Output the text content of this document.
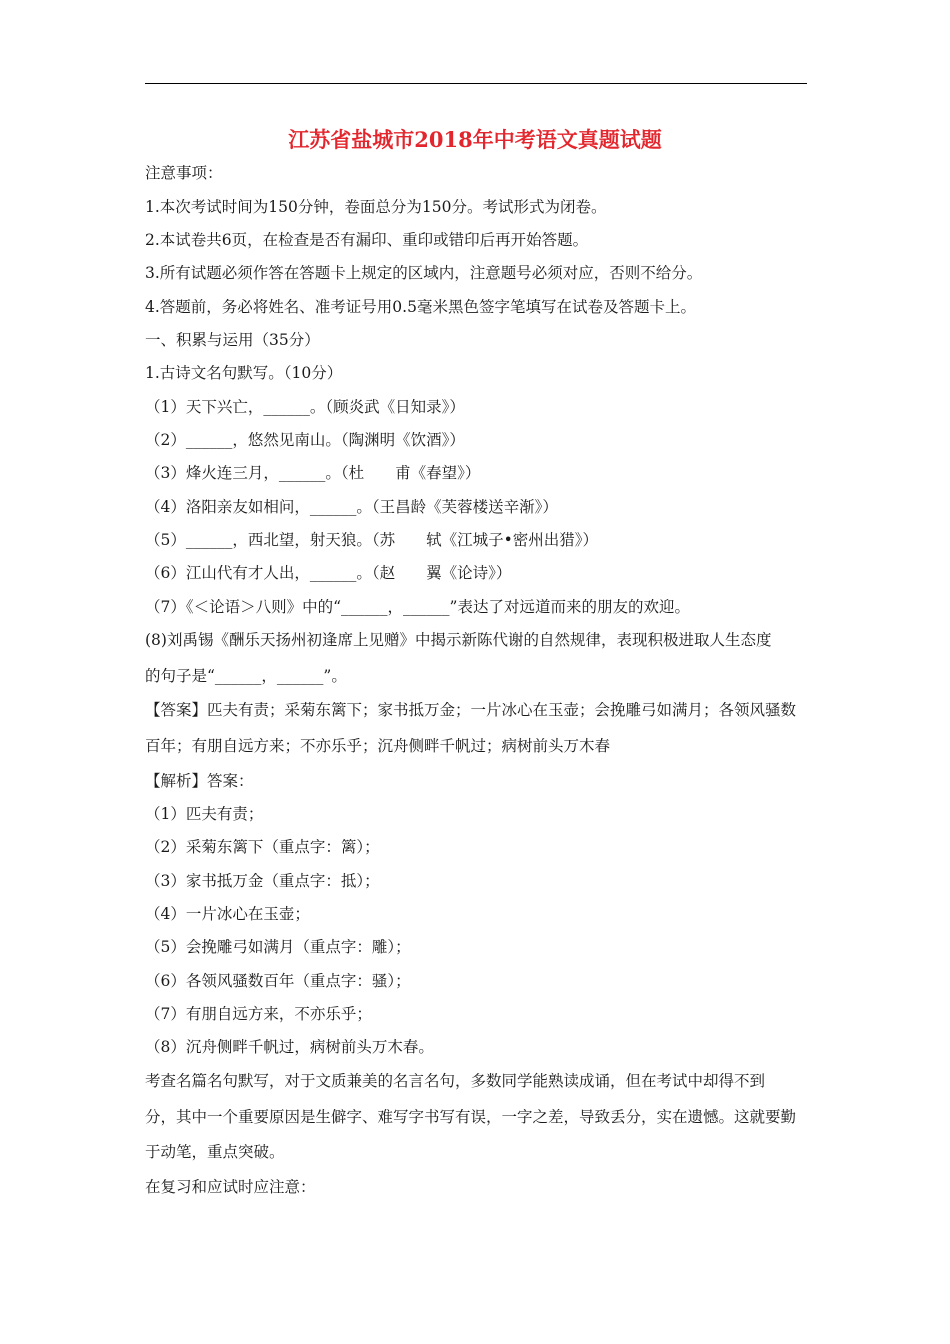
江苏省盐城市2018年中考语文真题试题
注意事项：
1.本次考试时间为150分钟，卷面总分为150分。考试形式为闭卷。
2.本试卷共6页，在检查是否有漏印、重印或错印后再开始答题。
3.所有试题必须作答在答题卡上规定的区域内，注意题号必须对应，否则不给分。
4.答题前，务必将姓名、准考证号用0.5毫米黑色签字笔填写在试卷及答题卡上。
一、积累与运用（35分）
1.古诗文名句默写。（10分）
（1）天下兴亡，______。（顾炎武《日知录》）
（2）______，悠然见南山。（陶渊明《饮酒》）
（3）烽火连三月，______。（杜　　甫《春望》）
（4）洛阳亲友如相问，______。（王昌龄《芙蓉楼送辛渐》）
（5）______，西北望，射天狼。（苏　　轼《江城子•密州出猎》）
（6）江山代有才人出，______。（赵　　翼《论诗》）
（7）《＜论语＞八则》中的“______，______”表达了对远道而来的朋友的欢迎。
(8)刘禹锡《酬乐天扬州初逢席上见赠》中揭示新陈代谢的自然规律，表现积极进取人生态度
的句子是“______，______”。
【答案】匹夫有责；采菊东篱下；家书抵万金；一片冰心在玉壶；会挽雕弓如满月；各领风骚数
百年；有朋自远方来；不亦乐乎；沉舟侧畔千帆过；病树前头万木春
【解析】答案：
（1）匹夫有责；
（2）采菊东篱下（重点字：篱）；
（3）家书抵万金（重点字：抵）；
（4）一片冰心在玉壶；
（5）会挽雕弓如满月（重点字：雕）；
（6）各领风骚数百年（重点字：骚）；
（7）有朋自远方来，不亦乐乎；
（8）沉舟侧畔千帆过，病树前头万木春。
考查名篇名句默写，对于文质兼美的名言名句，多数同学能熟读成诵，但在考试中却得不到
分，其中一个重要原因是生僻字、难写字书写有误，一字之差，导致丢分，实在遗憾。这就要勤
于动笔，重点突破。
在复习和应试时应注意：
